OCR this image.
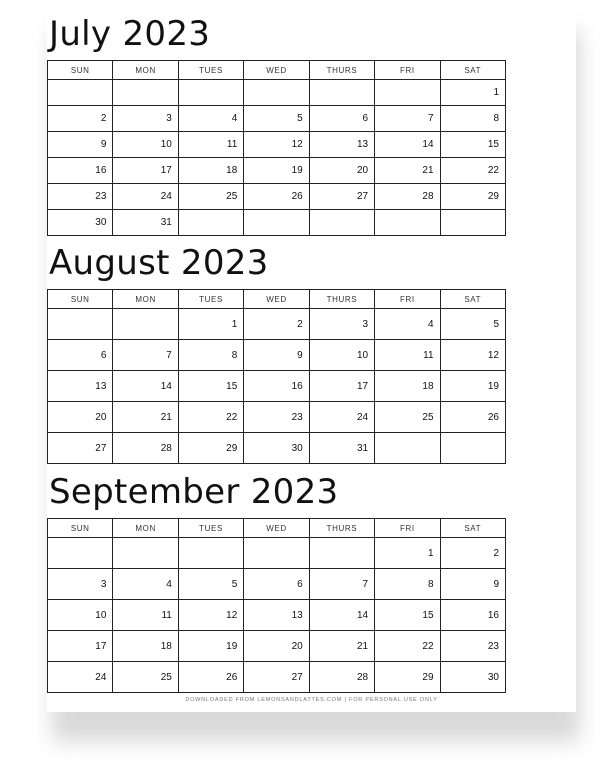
July 2023
SUN	MON	TUES	WED	THURS	FRI	SAT
						1
2	3	4	5	6	7	8
9	10	11	12	13	14	15
16	17	18	19	20	21	22
23	24	25	26	27	28	29
30	31					
August 2023
SUN	MON	TUES	WED	THURS	FRI	SAT
		1	2	3	4	5
6	7	8	9	10	11	12
13	14	15	16	17	18	19
20	21	22	23	24	25	26
27	28	29	30	31		
September 2023
SUN	MON	TUES	WED	THURS	FRI	SAT
					1	2
3	4	5	6	7	8	9
10	11	12	13	14	15	16
17	18	19	20	21	22	23
24	25	26	27	28	29	30
DOWNLOADED FROM LEMONSANDLATTES.COM | FOR PERSONAL USE ONLY
